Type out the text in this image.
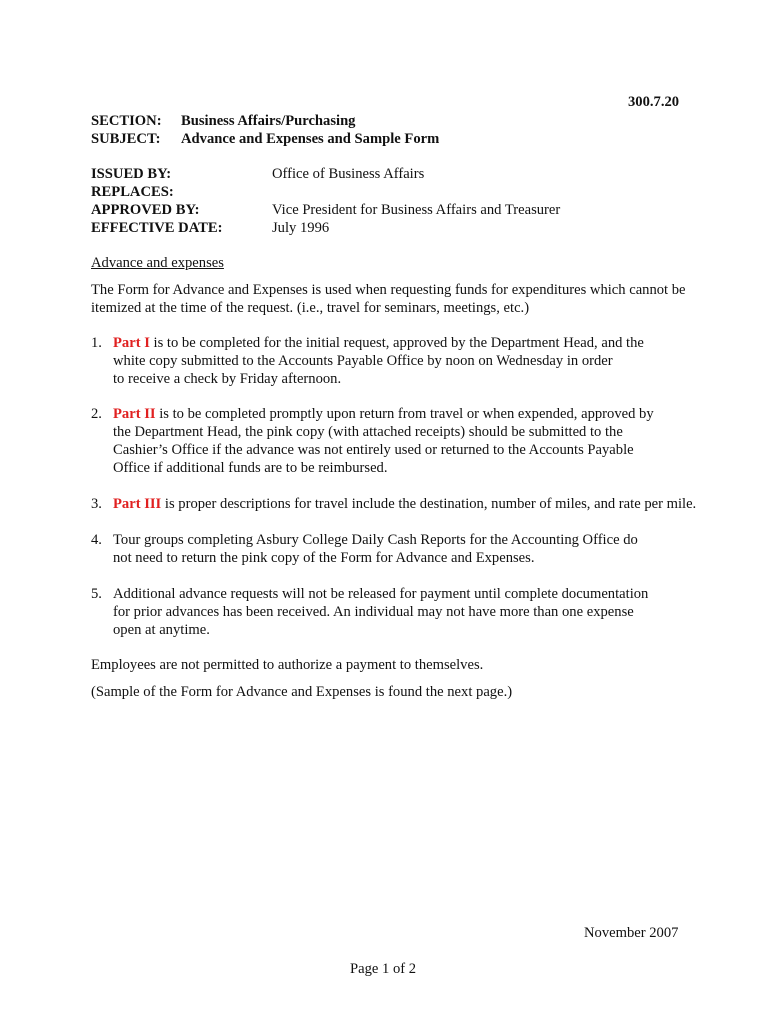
300.7.20
SECTION: Business Affairs/Purchasing
SUBJECT: Advance and Expenses and Sample Form
ISSUED BY:	Office of Business Affairs
REPLACES:
APPROVED BY:	Vice President for Business Affairs and Treasurer
EFFECTIVE DATE:	July 1996
Advance and expenses
The Form for Advance and Expenses is used when requesting funds for expenditures which cannot be
itemized at the time of the request. (i.e., travel for seminars, meetings, etc.)
1. Part I is to be completed for the initial request, approved by the Department Head, and the
white copy submitted to the Accounts Payable Office by noon on Wednesday in order
to receive a check by Friday afternoon.
2. Part II is to be completed promptly upon return from travel or when expended, approved by
the Department Head, the pink copy (with attached receipts) should be submitted to the
Cashier’s Office if the advance was not entirely used or returned to the Accounts Payable
Office if additional funds are to be reimbursed.
3. Part III is proper descriptions for travel include the destination, number of miles, and rate per mile.
4. Tour groups completing Asbury College Daily Cash Reports for the Accounting Office do
not need to return the pink copy of the Form for Advance and Expenses.
5. Additional advance requests will not be released for payment until complete documentation
for prior advances has been received. An individual may not have more than one expense
open at anytime.
Employees are not permitted to authorize a payment to themselves.
(Sample of the Form for Advance and Expenses is found the next page.)
November 2007
Page 1 of 2
